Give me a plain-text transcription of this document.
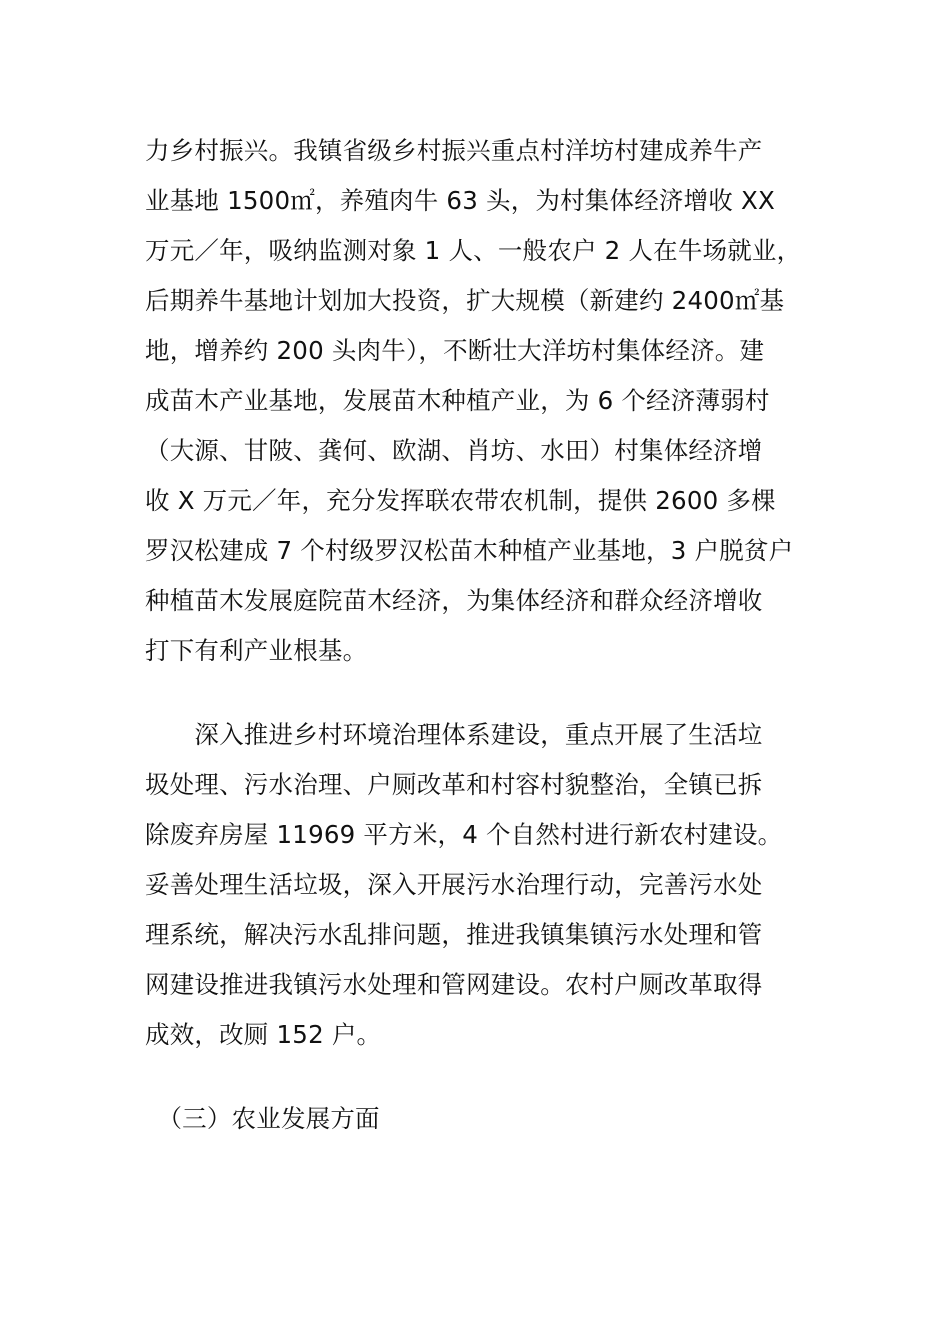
力乡村振兴。我镇省级乡村振兴重点村洋坊村建成养牛产
业基地 1500㎡，养殖肉牛 63 头，为村集体经济增收 XX
万元／年，吸纳监测对象 1 人、一般农户 2 人在牛场就业，
后期养牛基地计划加大投资，扩大规模（新建约 2400㎡基
地，增养约 200 头肉牛），不断壮大洋坊村集体经济。建
成苗木产业基地，发展苗木种植产业，为 6 个经济薄弱村
（大源、甘陂、龚何、欧湖、肖坊、水田）村集体经济增
收 X 万元／年，充分发挥联农带农机制，提供 2600 多棵
罗汉松建成 7 个村级罗汉松苗木种植产业基地，3 户脱贫户
种植苗木发展庭院苗木经济，为集体经济和群众经济增收
打下有利产业根基。
　　深入推进乡村环境治理体系建设，重点开展了生活垃
圾处理、污水治理、户厕改革和村容村貌整治，全镇已拆
除废弃房屋 11969 平方米，4 个自然村进行新农村建设。
妥善处理生活垃圾，深入开展污水治理行动，完善污水处
理系统，解决污水乱排问题，推进我镇集镇污水处理和管
网建设推进我镇污水处理和管网建设。农村户厕改革取得
成效，改厕 152 户。
　（三）农业发展方面
